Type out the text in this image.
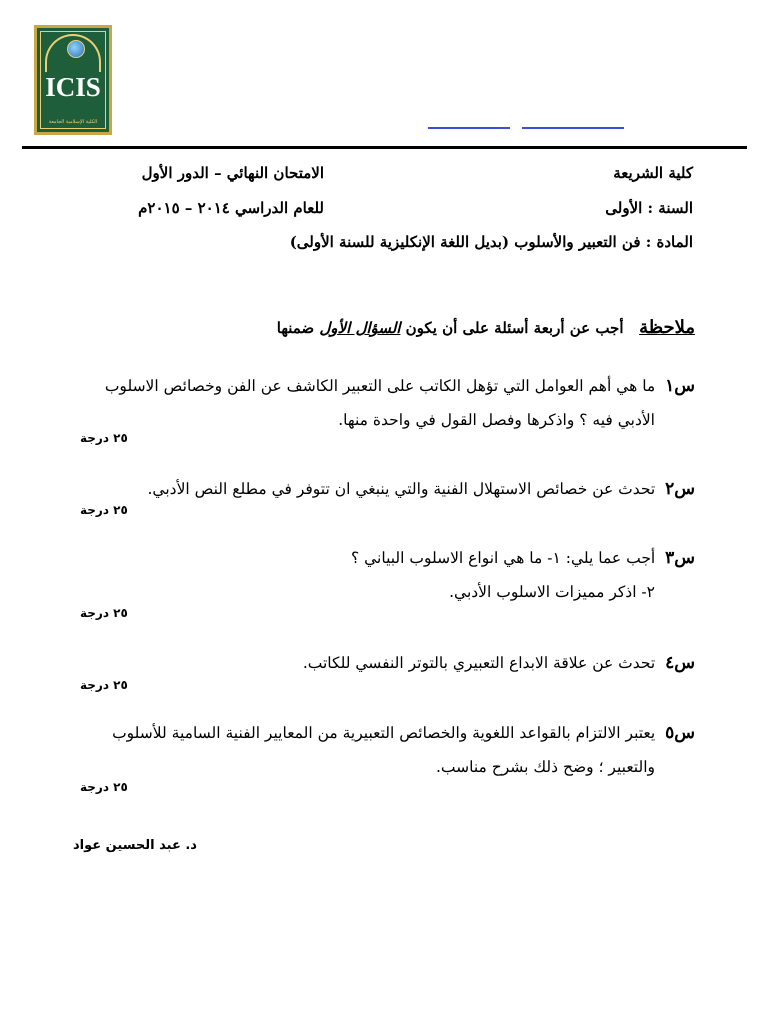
ICIS
الكلية الإسلامية الجامعة
كلية الشريعة
الامتحان النهائي – الدور الأول
السنة : الأولى
للعام الدراسي ٢٠١٤ – ٢٠١٥م
المادة : فن التعبير والأسلوب (بديل اللغة الإنكليزية للسنة الأولى)
ملاحظة   أجب عن أربعة أسئلة على أن يكون السؤال الأول ضمنها
س١  ما هي أهم العوامل التي تؤهل الكاتب على التعبير الكاشف عن الفن وخصائص الاسلوب
الأدبي فيه ؟ واذكرها وفصل القول في واحدة منها.
٢٥ درجة
س٢  تحدث عن خصائص الاستهلال الفنية والتي ينبغي ان تتوفر في مطلع النص الأدبي.
٢٥ درجة
س٣  أجب عما يلي: ١- ما هي انواع الاسلوب البياني ؟
٢- اذكر مميزات الاسلوب الأدبي.
٢٥ درجة
س٤  تحدث عن علاقة الابداع التعبيري بالتوتر النفسي للكاتب.
٢٥ درجة
س٥  يعتبر الالتزام بالقواعد اللغوية والخصائص التعبيرية من المعايير الفنية السامية للأسلوب
والتعبير ؛ وضح ذلك بشرح مناسب.
٢٥ درجة
د. عبد الحسين عواد
